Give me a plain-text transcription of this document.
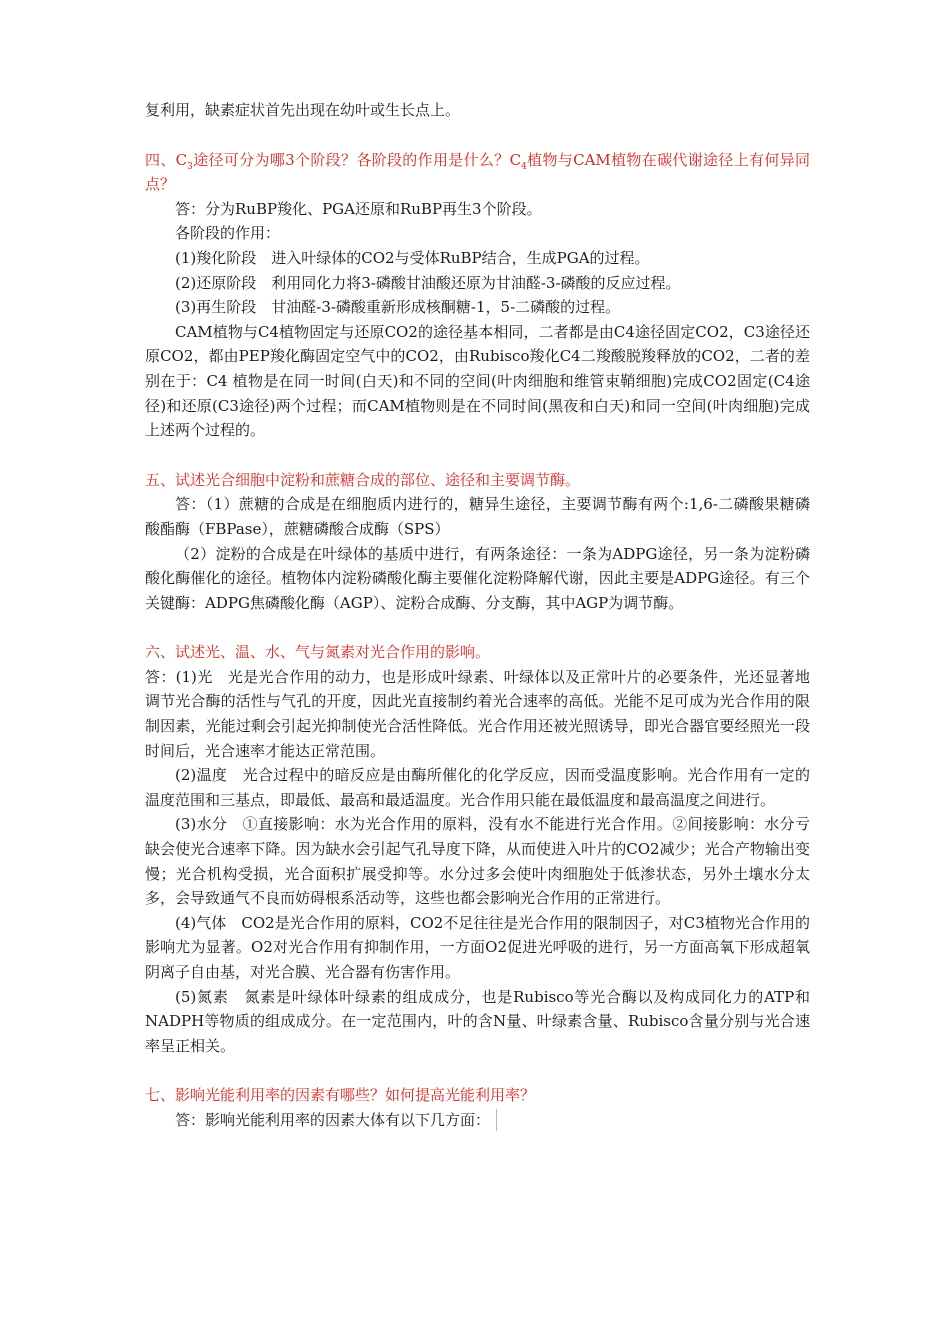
复利用，缺素症状首先出现在幼叶或生长点上。

四、$C_3$途径可分为哪3个阶段？各阶段的作用是什么？$C_4$植物与CAM植物在碳代谢途径上有何异同点？

答：分为RuBP羧化、PGA还原和RuBP再生3个阶段。

各阶段的作用：

(1)羧化阶段　进入叶绿体的CO2与受体RuBP结合，生成PGA的过程。

(2)还原阶段　利用同化力将3-磷酸甘油酸还原为甘油醛-3-磷酸的反应过程。

(3)再生阶段　甘油醛-3-磷酸重新形成核酮糖-1，5-二磷酸的过程。

CAM植物与C4植物固定与还原CO2的途径基本相同，二者都是由C4途径固定CO2，C3途径还原CO2，都由PEP羧化酶固定空气中的CO2，由Rubisco羧化C4二羧酸脱羧释放的CO2，二者的差别在于：C4 植物是在同一时间(白天)和不同的空间(叶肉细胞和维管束鞘细胞)完成CO2固定(C4途径)和还原(C3途径)两个过程；而CAM植物则是在不同时间(黑夜和白天)和同一空间(叶肉细胞)完成上述两个过程的。

五、试述光合细胞中淀粉和蔗糖合成的部位、途径和主要调节酶。

答：（1）蔗糖的合成是在细胞质内进行的，糖异生途径，主要调节酶有两个:1,6-二磷酸果糖磷酸酯酶（FBPase），蔗糖磷酸合成酶（SPS）

（2）淀粉的合成是在叶绿体的基质中进行，有两条途径：一条为ADPG途径，另一条为淀粉磷酸化酶催化的途径。植物体内淀粉磷酸化酶主要催化淀粉降解代谢，因此主要是ADPG途径。有三个关键酶：ADPG焦磷酸化酶（AGP）、淀粉合成酶、分支酶，其中AGP为调节酶。

六、试述光、温、水、气与氮素对光合作用的影响。

答：(1)光　光是光合作用的动力，也是形成叶绿素、叶绿体以及正常叶片的必要条件，光还显著地调节光合酶的活性与气孔的开度，因此光直接制约着光合速率的高低。光能不足可成为光合作用的限制因素，光能过剩会引起光抑制使光合活性降低。光合作用还被光照诱导，即光合器官要经照光一段时间后，光合速率才能达正常范围。

(2)温度　光合过程中的暗反应是由酶所催化的化学反应，因而受温度影响。光合作用有一定的温度范围和三基点，即最低、最高和最适温度。光合作用只能在最低温度和最高温度之间进行。

(3)水分　①直接影响：水为光合作用的原料，没有水不能进行光合作用。②间接影响：水分亏缺会使光合速率下降。因为缺水会引起气孔导度下降，从而使进入叶片的CO2减少；光合产物输出变慢；光合机构受损，光合面积扩展受抑等。水分过多会使叶肉细胞处于低渗状态，另外土壤水分太多，会导致通气不良而妨碍根系活动等，这些也都会影响光合作用的正常进行。

(4)气体　CO2是光合作用的原料，CO2不足往往是光合作用的限制因子，对C3植物光合作用的影响尤为显著。O2对光合作用有抑制作用，一方面O2促进光呼吸的进行，另一方面高氧下形成超氧阴离子自由基，对光合膜、光合器有伤害作用。

(5)氮素　氮素是叶绿体叶绿素的组成成分，也是Rubisco等光合酶以及构成同化力的ATP和NADPH等物质的组成成分。在一定范围内，叶的含N量、叶绿素含量、Rubisco含量分别与光合速率呈正相关。

七、影响光能利用率的因素有哪些？如何提高光能利用率？

答：影响光能利用率的因素大体有以下几方面：
